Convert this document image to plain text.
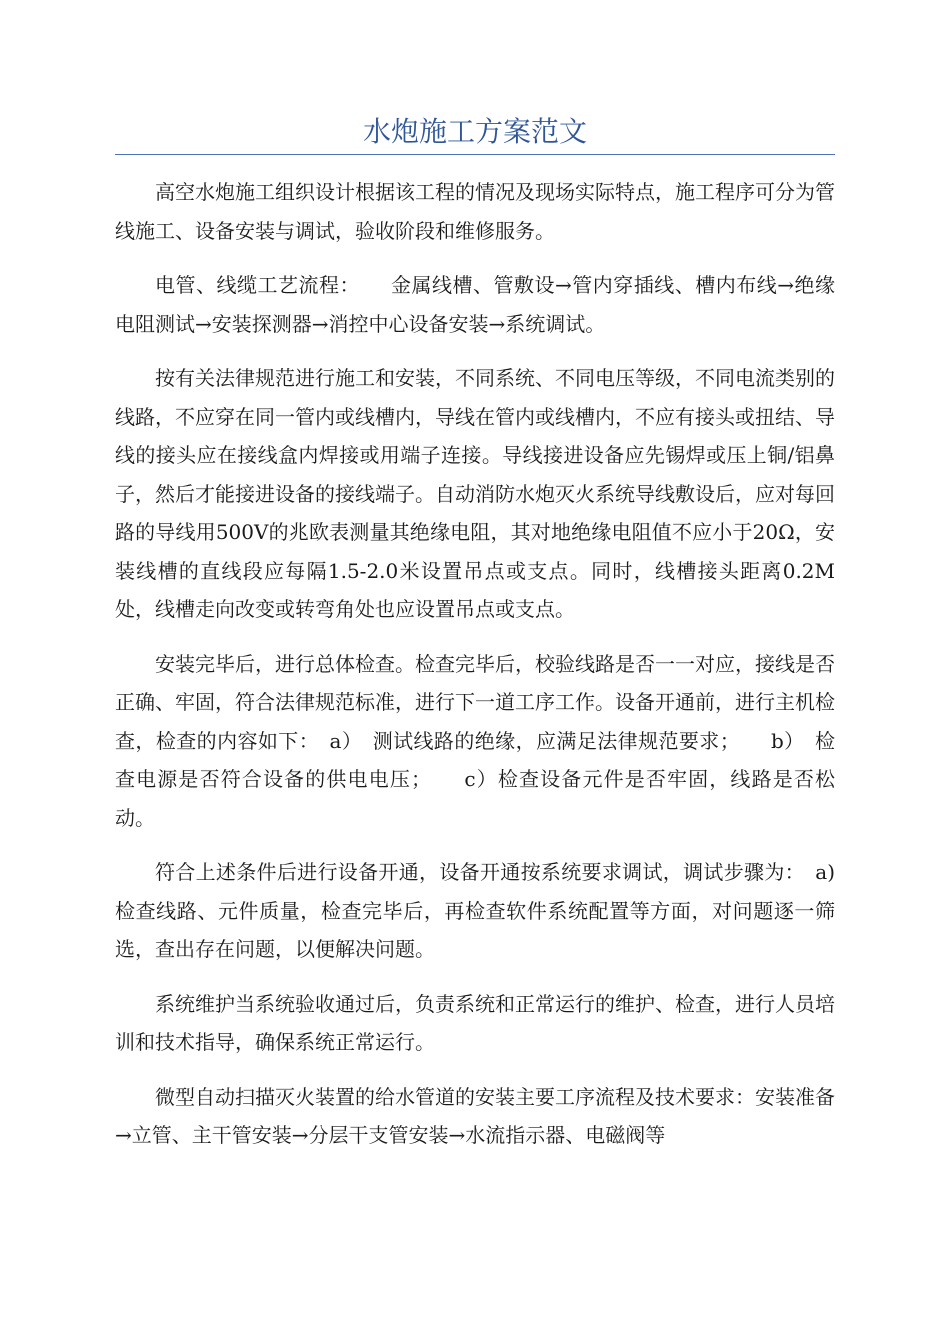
水炮施工方案范文

高空水炮施工组织设计根据该工程的情况及现场实际特点，施工程序可分为管线施工、设备安装与调试，验收阶段和维修服务。

电管、线缆工艺流程：　　金属线槽、管敷设→管内穿插线、槽内布线→绝缘电阻测试→安装探测器→消控中心设备安装→系统调试。

按有关法律规范进行施工和安装，不同系统、不同电压等级，不同电流类别的线路，不应穿在同一管内或线槽内，导线在管内或线槽内，不应有接头或扭结、导线的接头应在接线盒内焊接或用端子连接。导线接进设备应先锡焊或压上铜/铝鼻子，然后才能接进设备的接线端子。自动消防水炮灭火系统导线敷设后，应对每回路的导线用500V的兆欧表测量其绝缘电阻，其对地绝缘电阻值不应小于20Ω，安装线槽的直线段应每隔1.5-2.0米设置吊点或支点。同时，线槽接头距离0.2M处，线槽走向改变或转弯角处也应设置吊点或支点。

安装完毕后，进行总体检查。检查完毕后，校验线路是否一一对应，接线是否正确、牢固，符合法律规范标准，进行下一道工序工作。设备开通前，进行主机检查，检查的内容如下：　a）　测试线路的绝缘，应满足法律规范要求；　　b）　检查电源是否符合设备的供电电压；　　c）检查设备元件是否牢固，线路是否松动。

符合上述条件后进行设备开通，设备开通按系统要求调试，调试步骤为：　a)检查线路、元件质量，检查完毕后，再检查软件系统配置等方面，对问题逐一筛选，查出存在问题，以便解决问题。

系统维护当系统验收通过后，负责系统和正常运行的维护、检查，进行人员培训和技术指导，确保系统正常运行。

微型自动扫描灭火装置的给水管道的安装主要工序流程及技术要求：安装准备→立管、主干管安装→分层干支管安装→水流指示器、电磁阀等
